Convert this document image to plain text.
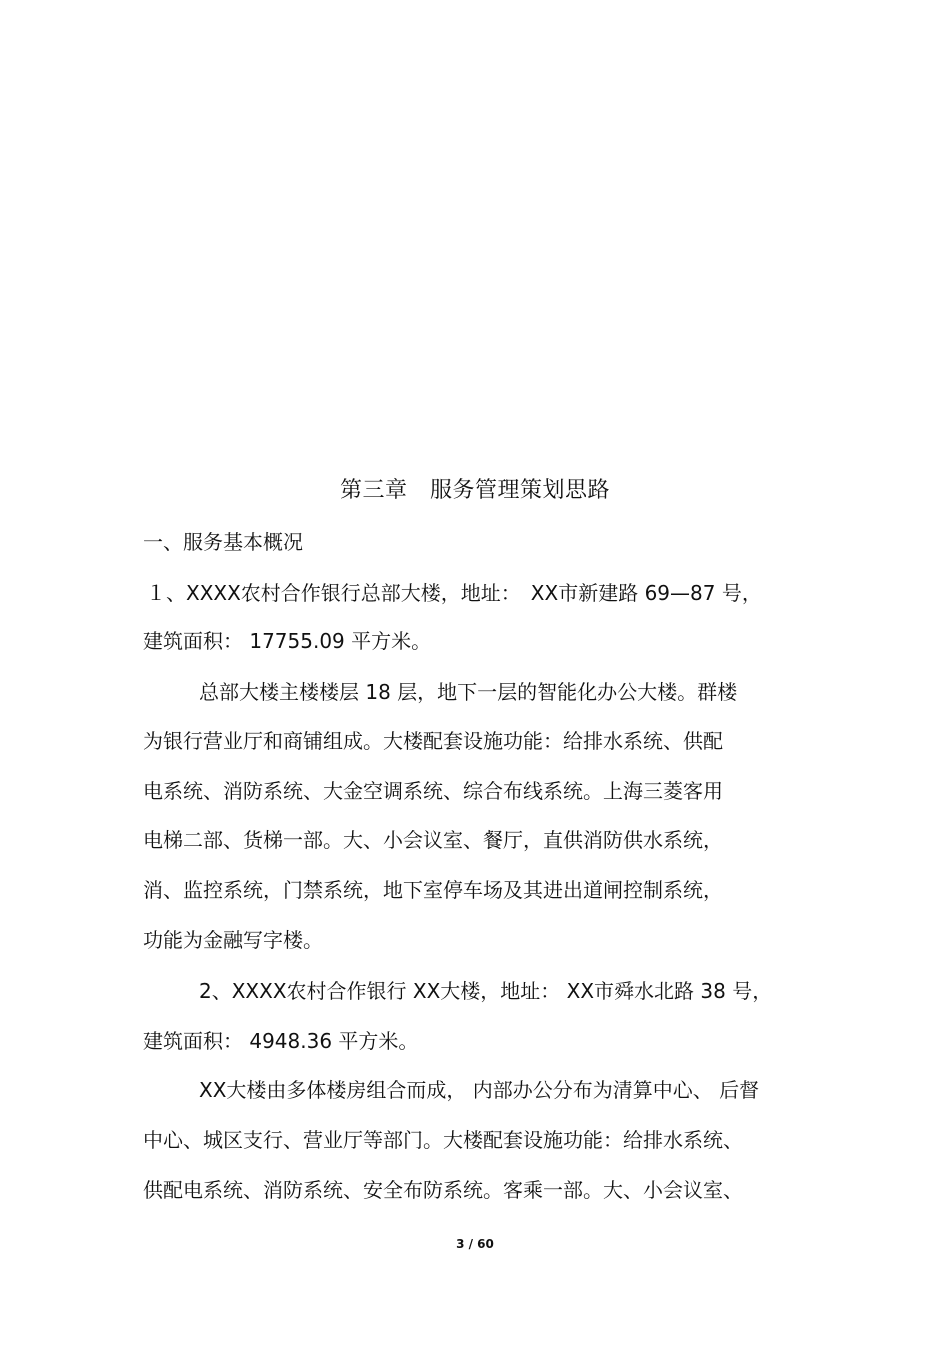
第三章　服务管理策划思路

一、服务基本概况

１、XXXX农村合作银行总部大楼，地址：　XX市新建路 69—87 号，

建筑面积： 17755.09 平方米。

总部大楼主楼楼层 18 层，地下一层的智能化办公大楼。群楼

为银行营业厅和商铺组成。大楼配套设施功能：给排水系统、供配

电系统、消防系统、大金空调系统、综合布线系统。上海三菱客用

电梯二部、货梯一部。大、小会议室、餐厅，直供消防供水系统，

消、监控系统，门禁系统，地下室停车场及其进出道闸控制系统，

功能为金融写字楼。

2、XXXX农村合作银行 XX大楼，地址： XX市舜水北路 38 号，

建筑面积： 4948.36 平方米。

XX大楼由多体楼房组合而成， 内部办公分布为清算中心、 后督

中心、城区支行、营业厅等部门。大楼配套设施功能：给排水系统、

供配电系统、消防系统、安全布防系统。客乘一部。大、小会议室、

3 / 60
